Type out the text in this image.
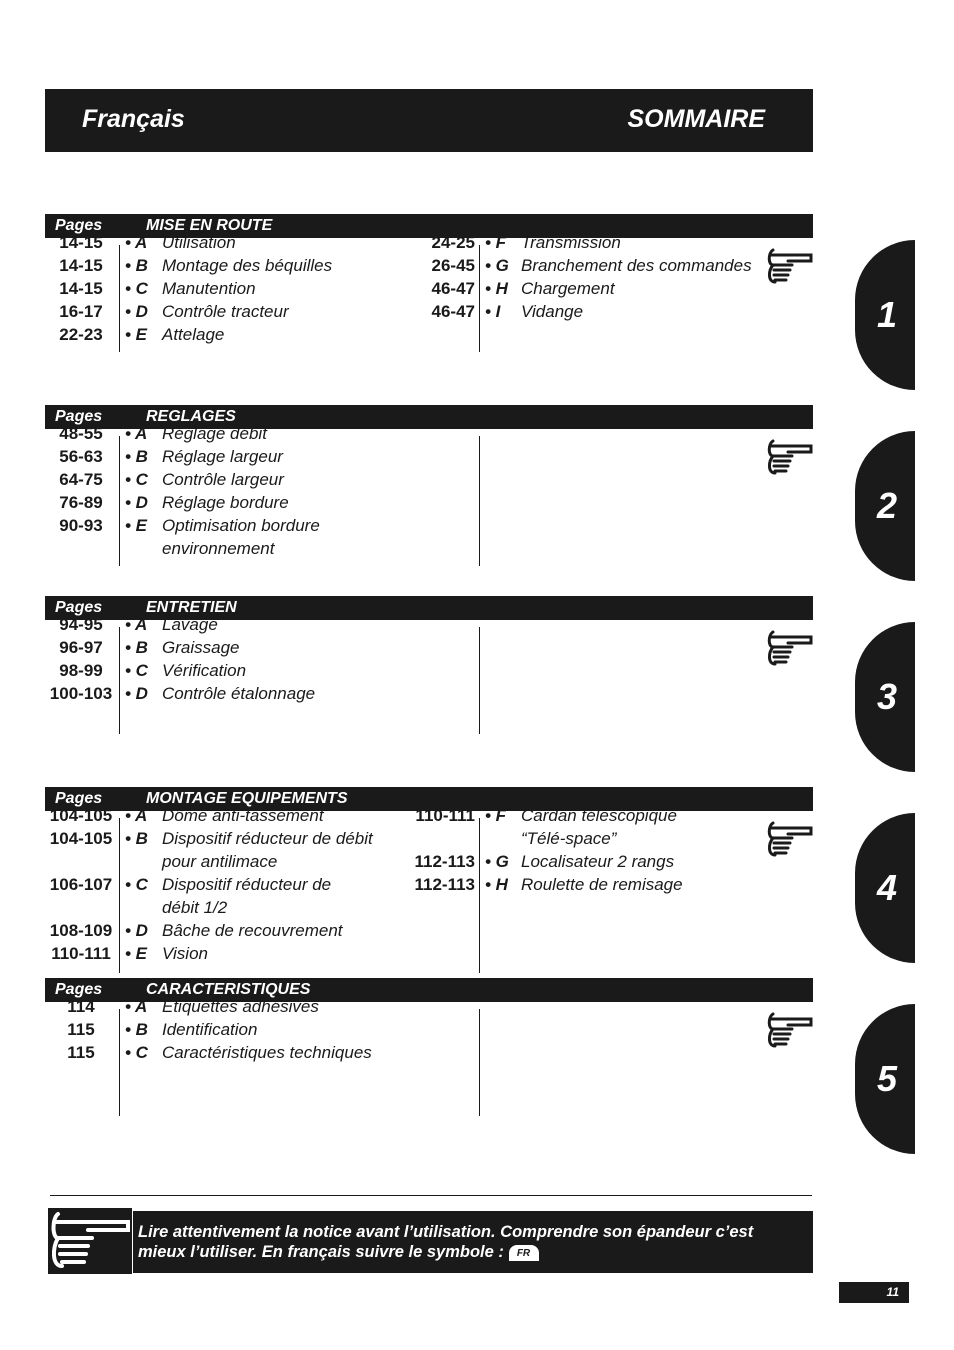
Français	SOMMAIRE
Pages	MISE EN ROUTE
14-15	• A Utilisation
14-15	• B Montage des béquilles
14-15	• C Manutention
16-17	• D Contrôle tracteur
22-23	• E Attelage
24-25 • F Transmission
26-45 • G Branchement des commandes
46-47 • H Chargement
46-47 • I Vidange
Pages	REGLAGES
48-55	• A Réglage débit
56-63	• B Réglage largeur
64-75	• C Contrôle largeur
76-89	• D Réglage bordure
90-93	• E Optimisation bordure
environnement
Pages	ENTRETIEN
94-95	• A Lavage
96-97	• B Graissage
98-99	• C Vérification
100-103 • D Contrôle étalonnage
Pages	MONTAGE EQUIPEMENTS
104-105 • A Dôme anti-tassement
104-105 • B Dispositif réducteur de débit
pour antilimace
106-107 • C Dispositif réducteur de
débit 1/2
108-109 • D Bâche de recouvrement
110-111 • E Vision
110-111 • F Cardan télescopique
“Télé-space”
112-113 • G Localisateur 2 rangs
112-113 • H Roulette de remisage
Pages	CARACTERISTIQUES
114	• A Etiquettes adhésives
115	• B Identification
115	• C Caractéristiques techniques
1
2
3
4
5
Lire attentivement la notice avant l’utilisation. Comprendre son épandeur c’est
mieux l’utiliser. En français suivre le symbole : FR
11
